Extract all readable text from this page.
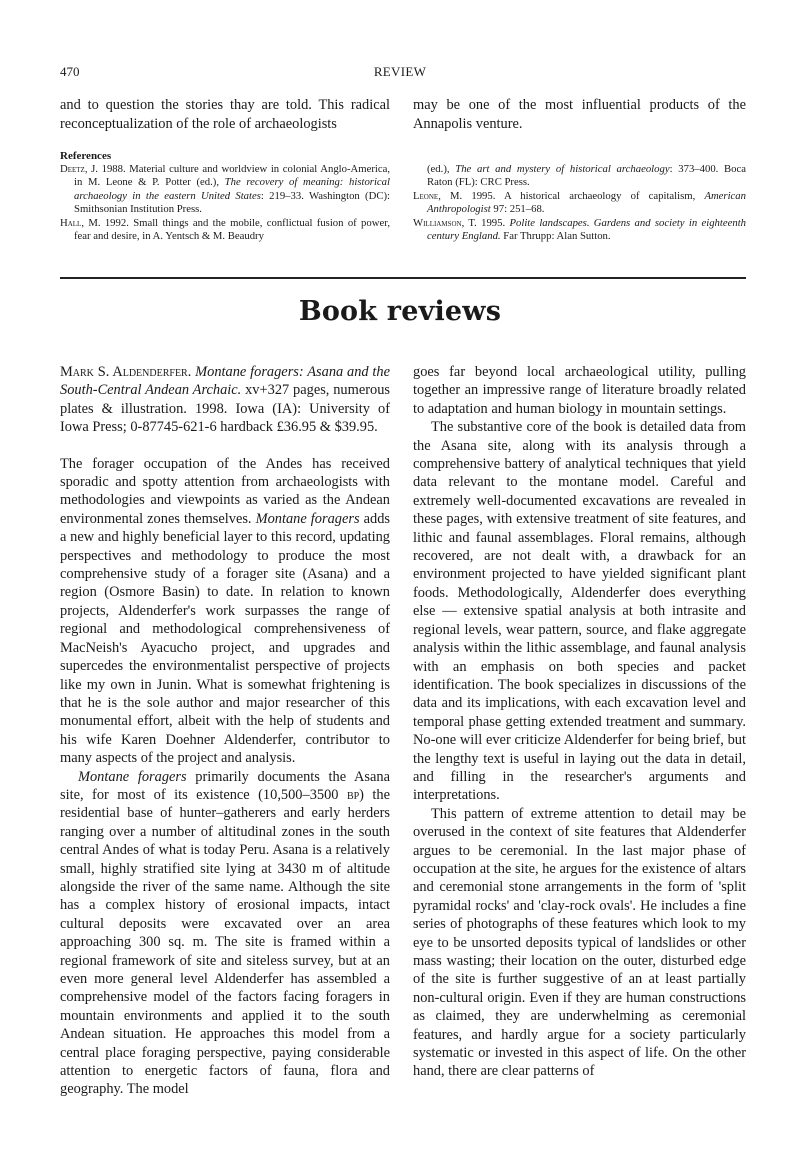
470	REVIEW

and to question the stories thay are told. This radical reconceptualization of the role of archaeologists

may be one of the most influential products of the Annapolis venture.

References

Deetz, J. 1988. Material culture and worldview in colonial Anglo-America, in M. Leone & P. Potter (ed.), The recovery of meaning: historical archaeology in the eastern United States: 219–33. Washington (DC): Smithsonian Institution Press.

Hall, M. 1992. Small things and the mobile, conflictual fusion of power, fear and desire, in A. Yentsch & M. Beaudry

(ed.), The art and mystery of historical archaeology: 373–400. Boca Raton (FL): CRC Press.

Leone, M. 1995. A historical archaeology of capitalism, American Anthropologist 97: 251–68.

Williamson, T. 1995. Polite landscapes. Gardens and society in eighteenth century England. Far Thrupp: Alan Sutton.

Book reviews

Mark S. Aldenderfer. Montane foragers: Asana and the South-Central Andean Archaic. xv+327 pages, numerous plates & illustration. 1998. Iowa (IA): University of Iowa Press; 0-87745-621-6 hardback £36.95 & $39.95.

The forager occupation of the Andes has received sporadic and spotty attention from archaeologists with methodologies and viewpoints as varied as the Andean environmental zones themselves. Montane foragers adds a new and highly beneficial layer to this record, updating perspectives and methodology to produce the most comprehensive study of a forager site (Asana) and a region (Osmore Basin) to date. In relation to known projects, Aldenderfer's work surpasses the range of regional and methodological comprehensiveness of MacNeish's Ayacucho project, and upgrades and supercedes the environmentalist perspective of projects like my own in Junin. What is somewhat frightening is that he is the sole author and major researcher of this monumental effort, albeit with the help of students and his wife Karen Doehner Aldenderfer, contributor to many aspects of the project and analysis.

Montane foragers primarily documents the Asana site, for most of its existence (10,500–3500 bp) the residential base of hunter–gatherers and early herders ranging over a number of altitudinal zones in the south central Andes of what is today Peru. Asana is a relatively small, highly stratified site lying at 3430 m of altitude alongside the river of the same name. Although the site has a complex history of erosional impacts, intact cultural deposits were excavated over an area approaching 300 sq. m. The site is framed within a regional framework of site and siteless survey, but at an even more general level Aldenderfer has assembled a comprehensive model of the factors facing foragers in mountain environments and applied it to the south Andean situation. He approaches this model from a central place foraging perspective, paying considerable attention to energetic factors of fauna, flora and geography. The model

goes far beyond local archaeological utility, pulling together an impressive range of literature broadly related to adaptation and human biology in mountain settings.

The substantive core of the book is detailed data from the Asana site, along with its analysis through a comprehensive battery of analytical techniques that yield data relevant to the montane model. Careful and extremely well-documented excavations are revealed in these pages, with extensive treatment of site features, and lithic and faunal assemblages. Floral remains, although recovered, are not dealt with, a drawback for an environment projected to have yielded significant plant foods. Methodologically, Aldenderfer does everything else — extensive spatial analysis at both intrasite and regional levels, wear pattern, source, and flake aggregate analysis within the lithic assemblage, and faunal analysis with an emphasis on both species and packet identification. The book specializes in discussions of the data and its implications, with each excavation level and temporal phase getting extended treatment and summary. No-one will ever criticize Aldenderfer for being brief, but the lengthy text is useful in laying out the data in detail, and filling in the researcher's arguments and interpretations.

This pattern of extreme attention to detail may be overused in the context of site features that Aldenderfer argues to be ceremonial. In the last major phase of occupation at the site, he argues for the existence of altars and ceremonial stone arrangements in the form of 'split pyramidal rocks' and 'clay-rock ovals'. He includes a fine series of photographs of these features which look to my eye to be unsorted deposits typical of landslides or other mass wasting; their location on the outer, disturbed edge of the site is further suggestive of an at least partially non-cultural origin. Even if they are human constructions as claimed, they are underwhelming as ceremonial features, and hardly argue for a society particularly systematic or invested in this aspect of life. On the other hand, there are clear patterns of
